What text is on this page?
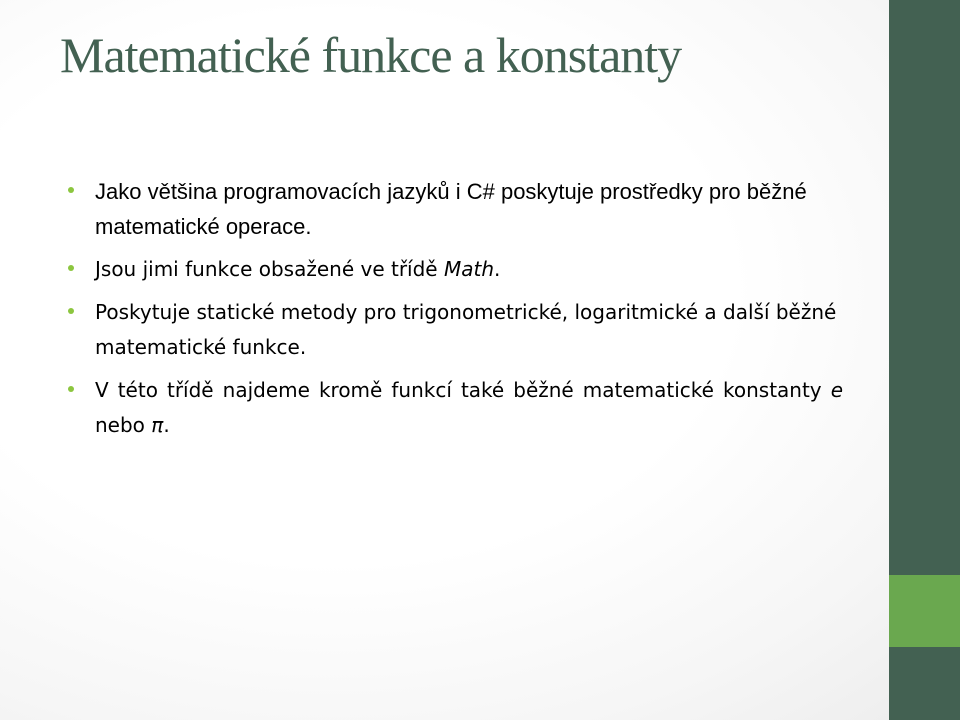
Matematické funkce a konstanty
Jako většina programovacích jazyků i C# poskytuje prostředky pro běžné matematické operace.
Jsou jimi funkce obsažené ve třídě Math.
Poskytuje statické metody pro trigonometrické, logaritmické a další běžné matematické funkce.
V této třídě najdeme kromě funkcí také běžné matematické konstanty e nebo π.
